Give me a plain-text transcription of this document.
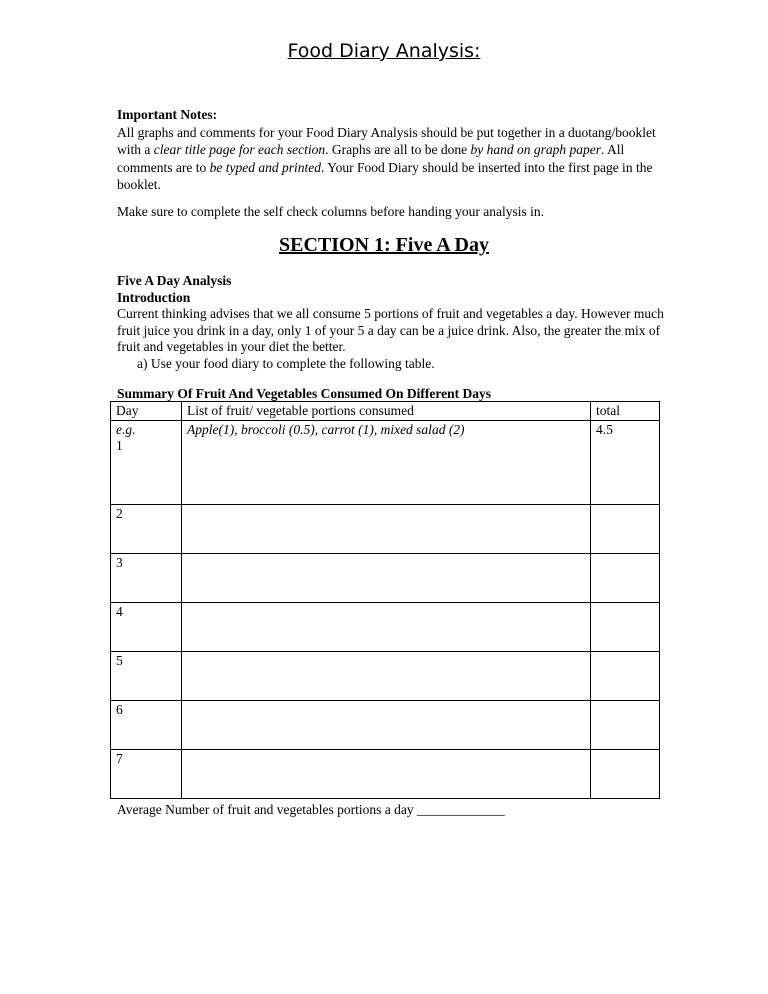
Food Diary Analysis:

Important Notes:

All graphs and comments for your Food Diary Analysis should be put together in a duotang/booklet with a clear title page for each section. Graphs are all to be done by hand on graph paper. All comments are to be typed and printed. Your Food Diary should be inserted into the first page in the booklet.

Make sure to complete the self check columns before handing your analysis in.
SECTION 1: Five A Day

Five A Day Analysis

Introduction

Current thinking advises that we all consume 5 portions of fruit and vegetables a day. However much fruit juice you drink in a day, only 1 of your 5 a day can be a juice drink. Also, the greater the mix of fruit and vegetables in your diet the better.

a) Use your food diary to complete the following table.

Summary Of Fruit And Vegetables Consumed On Different Days
Day	List of fruit/ vegetable portions consumed	total
e.g.
1	Apple(1), broccoli (0.5), carrot (1), mixed salad (2)	4.5
2		
3		
4		
5		
6		
7		
Average Number of fruit and vegetables portions a day _____________
